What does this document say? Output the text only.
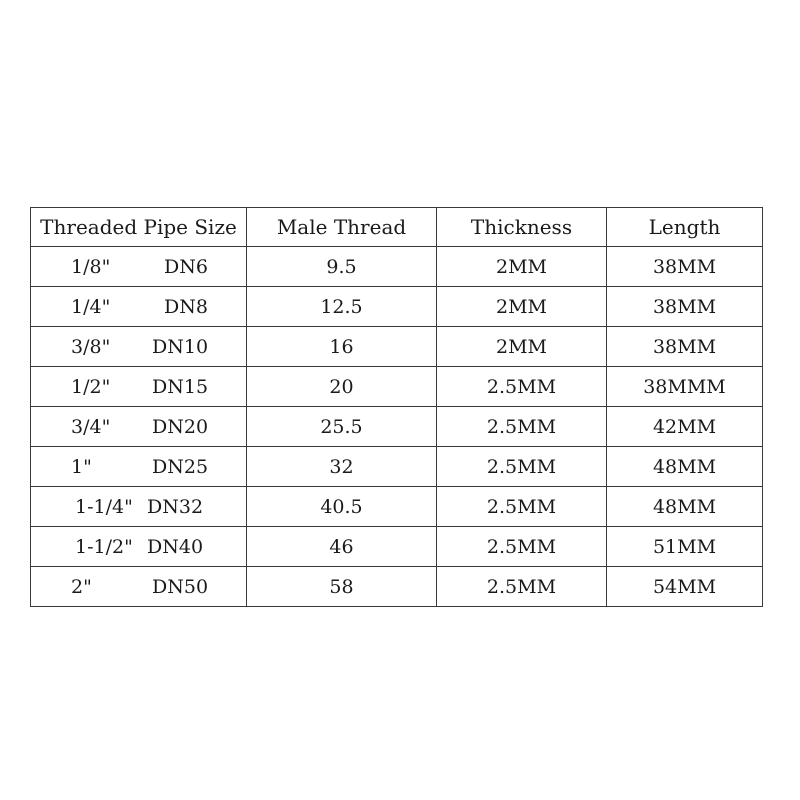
Threaded Pipe Size	Male Thread	Thickness	Length

1/8" DN6	9.5	2MM	38MM

1/4" DN8	12.5	2MM	38MM

3/8" DN10	16	2MM	38MM

1/2" DN15	20	2.5MM	38MMM

3/4" DN20	25.5	2.5MM	42MM

1" DN25	32	2.5MM	48MM

1-1/4" DN32	40.5	2.5MM	48MM

1-1/2" DN40	46	2.5MM	51MM

2" DN50	58	2.5MM	54MM
